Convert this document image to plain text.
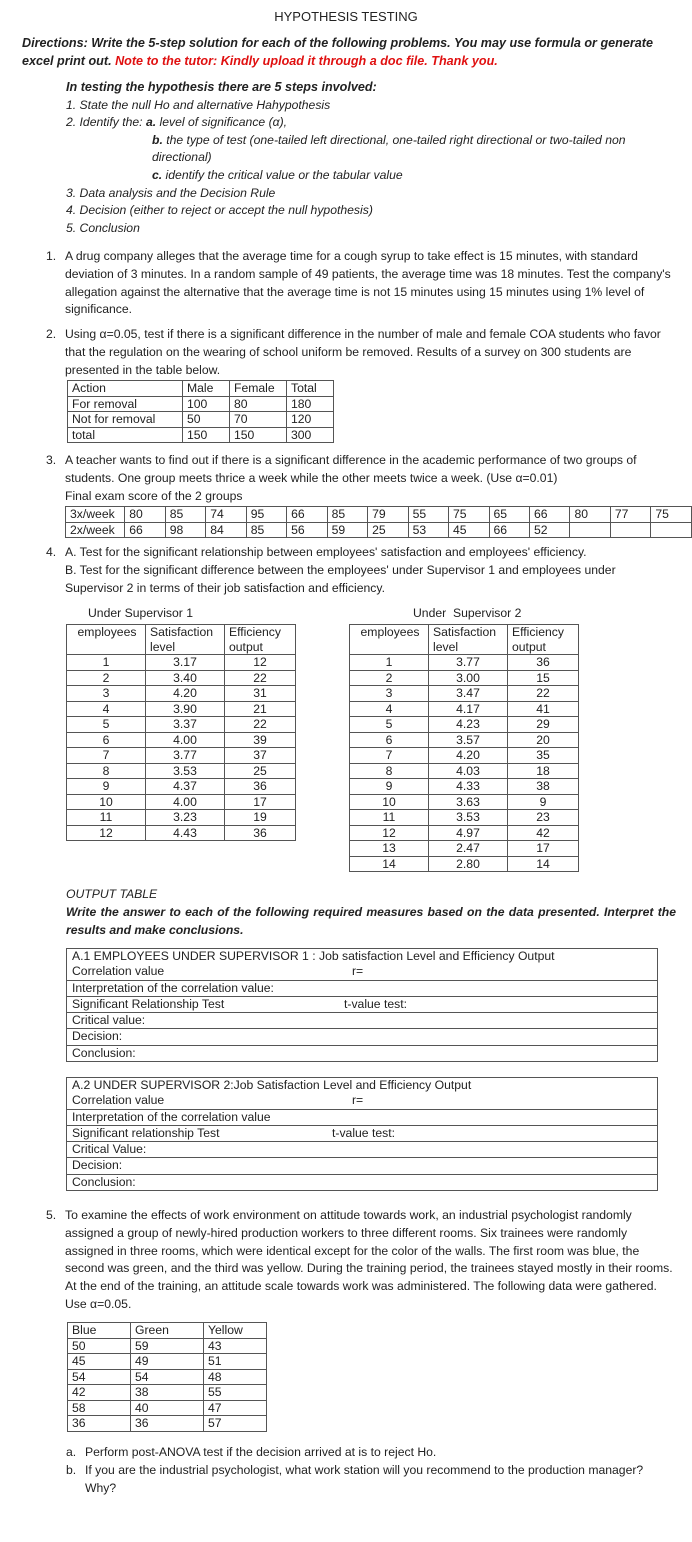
HYPOTHESIS TESTING
Directions: Write the 5-step solution for each of the following problems. You may use formula or generate excel print out. Note to the tutor: Kindly upload it through a doc file. Thank you.
In testing the hypothesis there are 5 steps involved:
1. State the null Ho and alternative Hahypothesis
2. Identify the: a. level of significance (α),
b. the type of test (one-tailed left directional, one-tailed right directional or two-tailed non directional)
c. identify the critical value or the tabular value
3. Data analysis and the Decision Rule
4. Decision (either to reject or accept the null hypothesis)
5. Conclusion
1. A drug company alleges that the average time for a cough syrup to take effect is 15 minutes, with standard deviation of 3 minutes. In a random sample of 49 patients, the average time was 18 minutes. Test the company's allegation against the alternative that the average time is not 15 minutes using 15 minutes using 1% level of significance.
2. Using α=0.05, test if there is a significant difference in the number of male and female COA students who favor that the regulation on the wearing of school uniform be removed. Results of a survey on 300 students are presented in the table below.
Action	Male	Female	Total
For removal	100	80	180
Not for removal	50	70	120
total	150	150	300
3. A teacher wants to find out if there is a significant difference in the academic performance of two groups of students. One group meets thrice a week while the other meets twice a week. (Use α=0.01)
Final exam score of the 2 groups
3x/week	80	85	74	95	66	85	79	55	75	65	66	80	77	75
2x/week	66	98	84	85	56	59	25	53	45	66	52			
4. A. Test for the significant relationship between employees' satisfaction and employees' efficiency.
B. Test for the significant difference between the employees' under Supervisor 1 and employees under Supervisor 2 in terms of their job satisfaction and efficiency.
Under Supervisor 1
employees	Satisfaction level	Efficiency output
1	3.17	12
2	3.40	22
3	4.20	31
4	3.90	21
5	3.37	22
6	4.00	39
7	3.77	37
8	3.53	25
9	4.37	36
10	4.00	17
11	3.23	19
12	4.43	36
Under  Supervisor 2
employees	Satisfaction level	Efficiency output
1	3.77	36
2	3.00	15
3	3.47	22
4	4.17	41
5	4.23	29
6	3.57	20
7	4.20	35
8	4.03	18
9	4.33	38
10	3.63	9
11	3.53	23
12	4.97	42
13	2.47	17
14	2.80	14
OUTPUT TABLE
Write the answer to each of the following required measures based on the data presented. Interpret the results and make conclusions.
A.1 EMPLOYEES UNDER SUPERVISOR 1 : Job satisfaction Level and Efficiency Output
Correlation value	r=
Interpretation of the correlation value:
Significant Relationship Test	t-value test:
Critical value:
Decision:
Conclusion:
A.2 UNDER SUPERVISOR 2:Job Satisfaction Level and Efficiency Output
Correlation value	r=
Interpretation of the correlation value
Significant relationship Test	t-value test:
Critical Value:
Decision:
Conclusion:
5. To examine the effects of work environment on attitude towards work, an industrial psychologist randomly assigned a group of newly-hired production workers to three different rooms. Six trainees were randomly assigned in three rooms, which were identical except for the color of the walls. The first room was blue, the second was green, and the third was yellow. During the training period, the trainees stayed mostly in their rooms. At the end of the training, an attitude scale towards work was administered. The following data were gathered. Use α=0.05.
Blue	Green	Yellow
50	59	43
45	49	51
54	54	48
42	38	55
58	40	47
36	36	57
a. Perform post-ANOVA test if the decision arrived at is to reject Ho.
b. If you are the industrial psychologist, what work station will you recommend to the production manager? Why?
